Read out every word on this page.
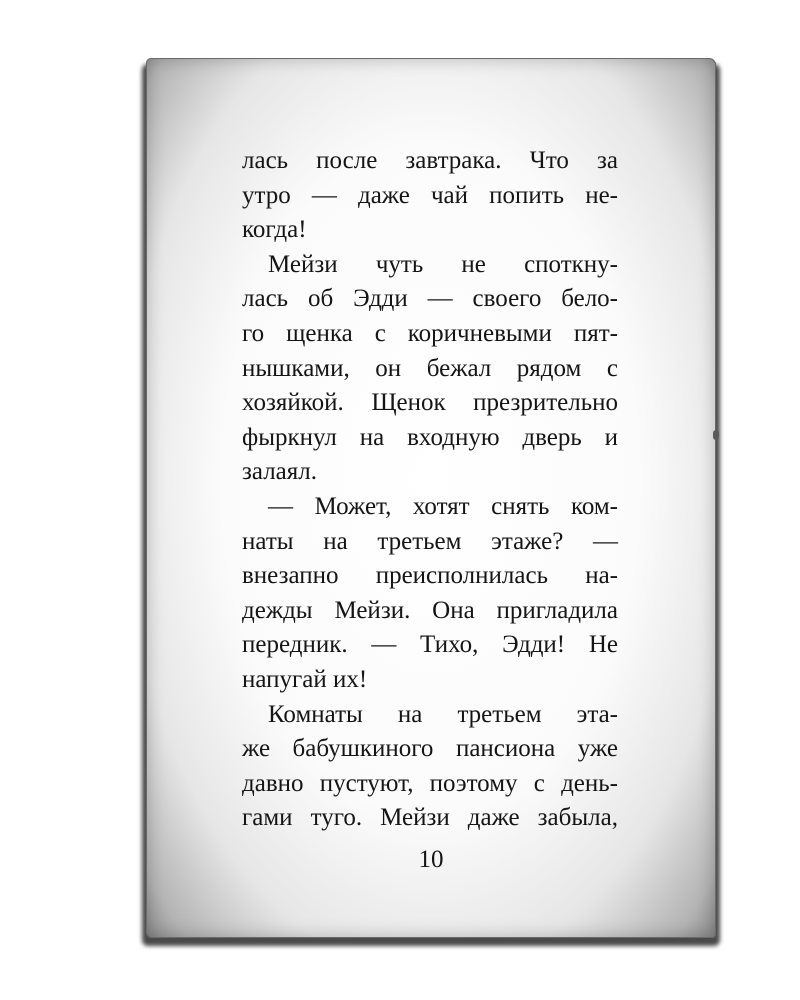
лась после завтрака. Что за
утро — даже чай попить не-
когда!
Мейзи чуть не споткну-
лась об Эдди — своего бело-
го щенка с коричневыми пят-
нышками, он бежал рядом с
хозяйкой. Щенок презрительно
фыркнул на входную дверь и
залаял.
— Может, хотят снять ком-
наты на третьем этаже? —
внезапно преисполнилась на-
дежды Мейзи. Она пригладила
передник. — Тихо, Эдди! Не
напугай их!
Комнаты на третьем эта-
же бабушкиного пансиона уже
давно пустуют, поэтому с день-
гами туго. Мейзи даже забыла,
10
